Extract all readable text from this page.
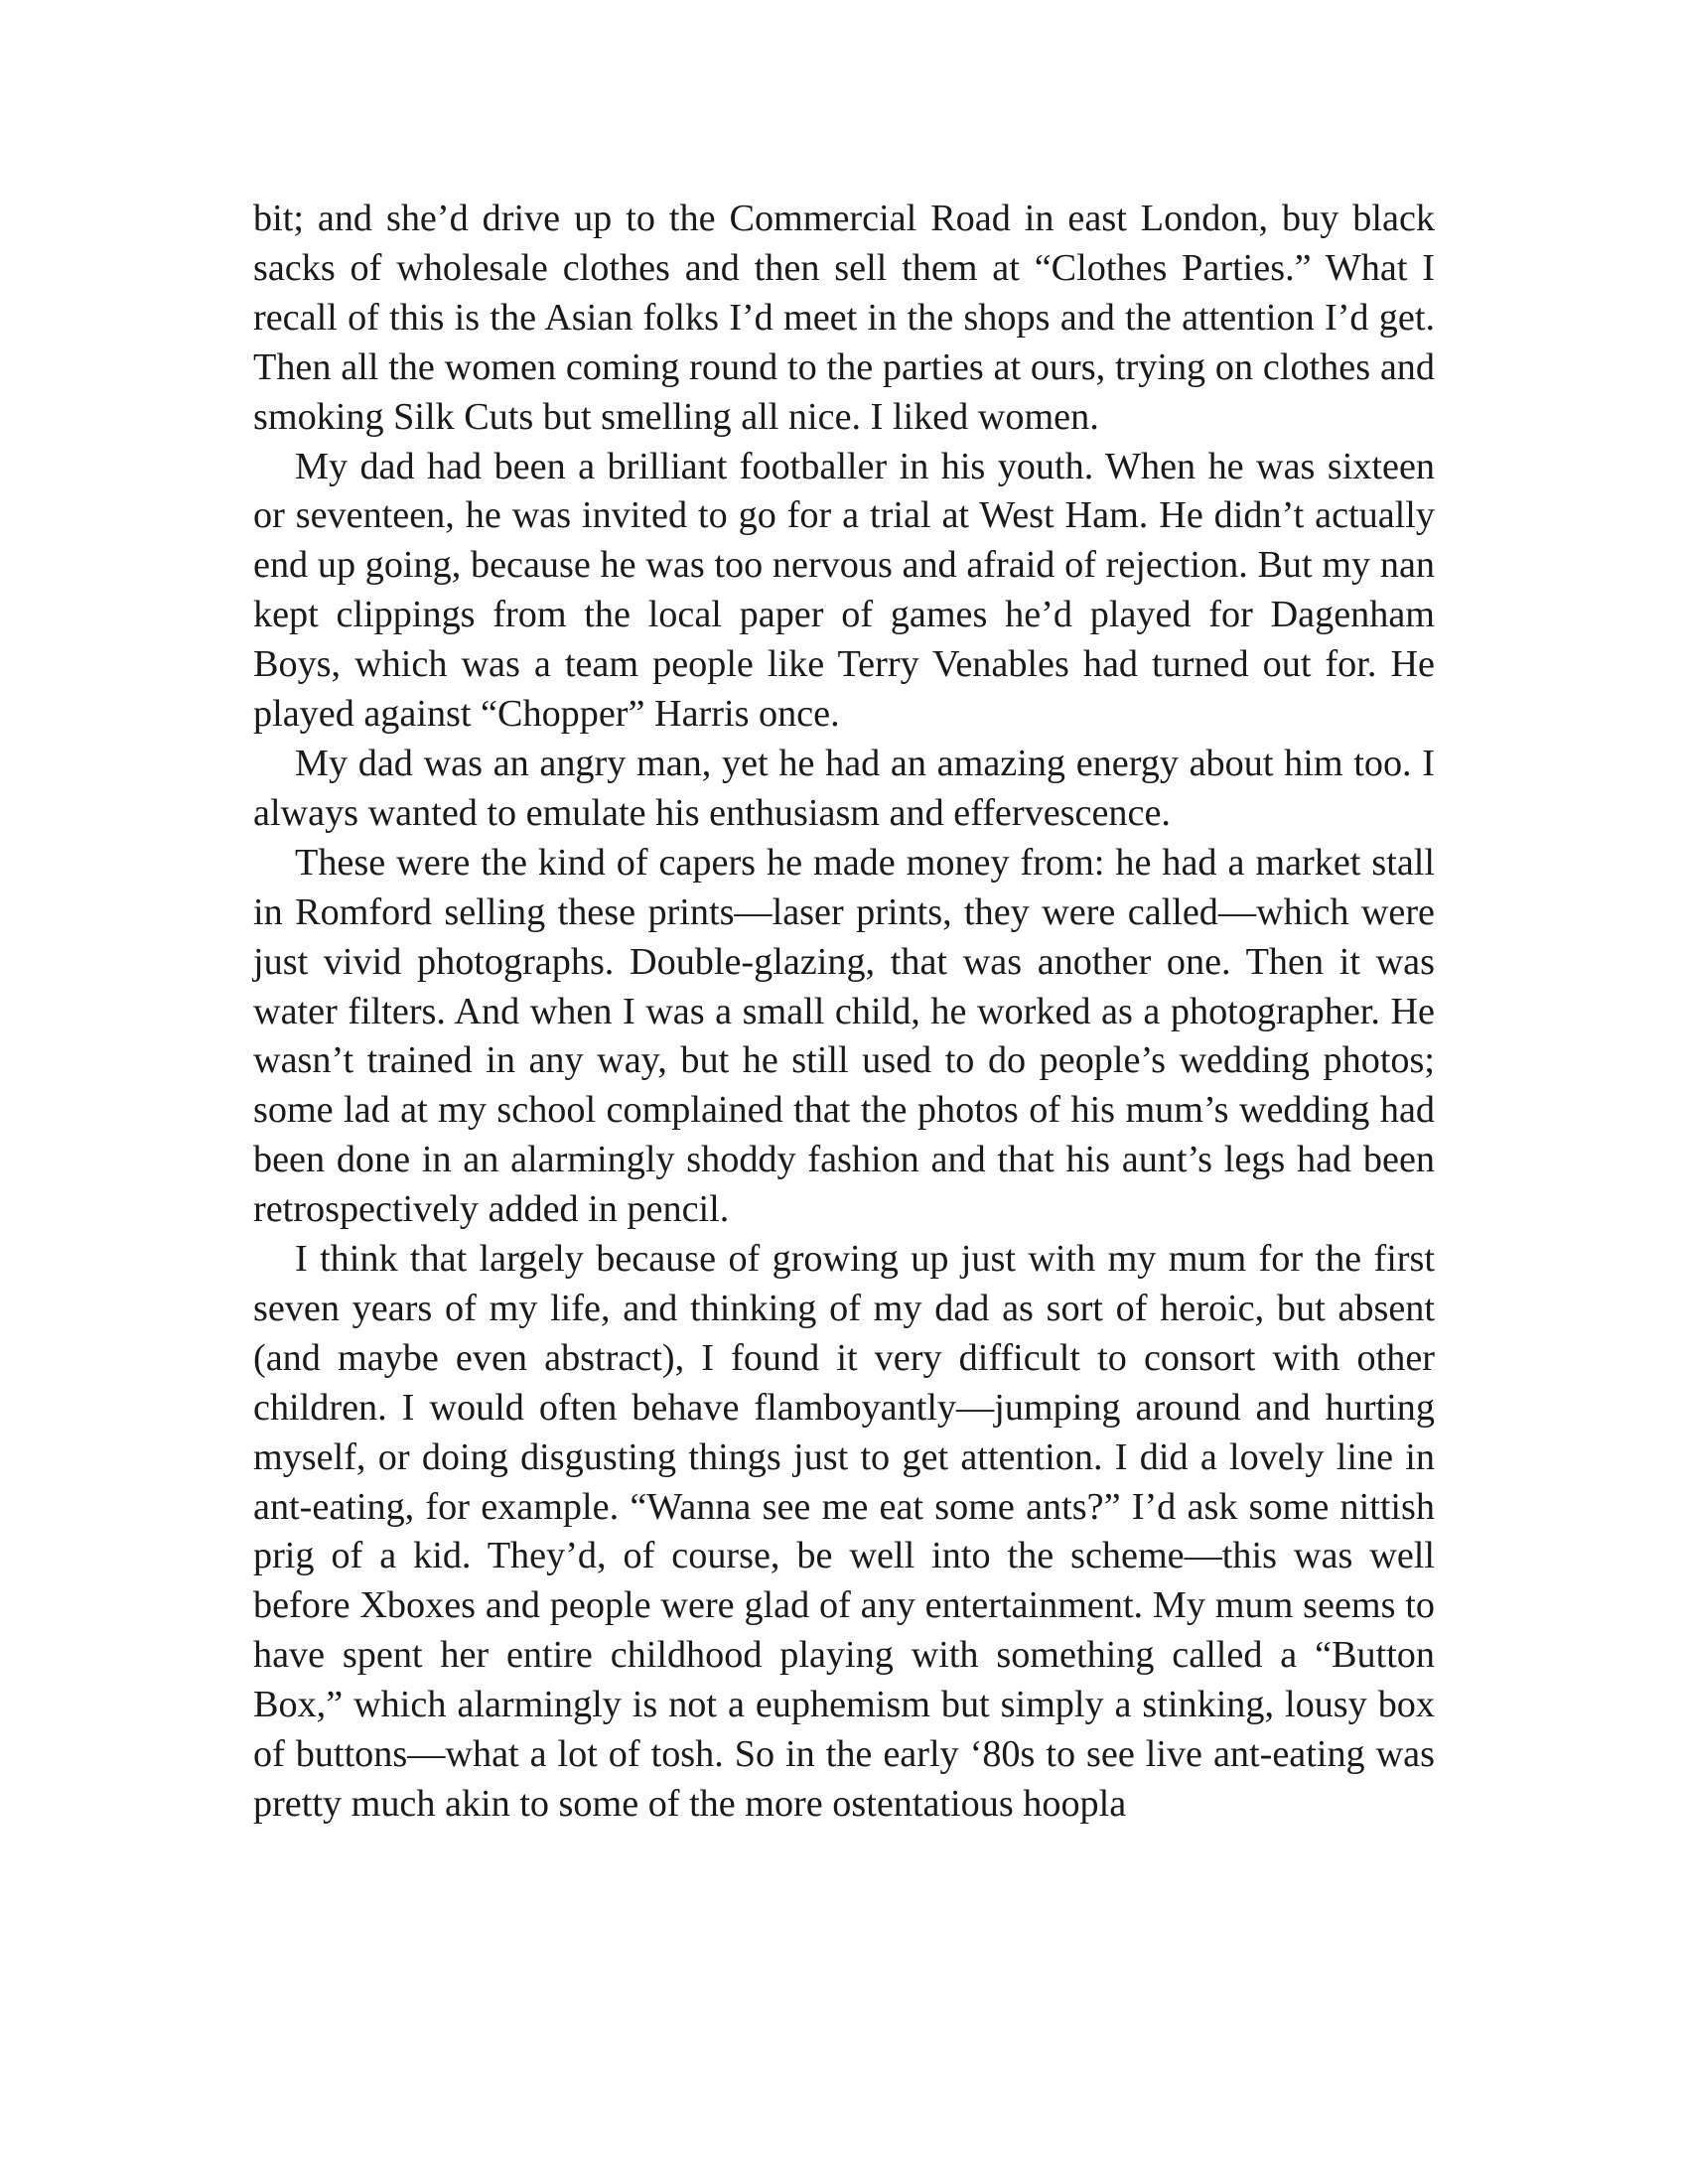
bit; and she’d drive up to the Commercial Road in east London, buy black sacks of wholesale clothes and then sell them at “Clothes Parties.” What I recall of this is the Asian folks I’d meet in the shops and the attention I’d get. Then all the women coming round to the parties at ours, trying on clothes and smoking Silk Cuts but smelling all nice. I liked women.

My dad had been a brilliant footballer in his youth. When he was sixteen or seventeen, he was invited to go for a trial at West Ham. He didn’t actually end up going, because he was too nervous and afraid of rejection. But my nan kept clippings from the local paper of games he’d played for Dagenham Boys, which was a team people like Terry Venables had turned out for. He played against “Chopper” Harris once.

My dad was an angry man, yet he had an amazing energy about him too. I always wanted to emulate his enthusiasm and effervescence.

These were the kind of capers he made money from: he had a market stall in Romford selling these prints—laser prints, they were called—which were just vivid photographs. Double-glazing, that was another one. Then it was water filters. And when I was a small child, he worked as a photographer. He wasn’t trained in any way, but he still used to do people’s wedding photos; some lad at my school complained that the photos of his mum’s wedding had been done in an alarmingly shoddy fashion and that his aunt’s legs had been retrospectively added in pencil.

I think that largely because of growing up just with my mum for the first seven years of my life, and thinking of my dad as sort of heroic, but absent (and maybe even abstract), I found it very difficult to consort with other children. I would often behave flamboyantly—jumping around and hurting myself, or doing disgusting things just to get attention. I did a lovely line in ant-eating, for example. “Wanna see me eat some ants?” I’d ask some nittish prig of a kid. They’d, of course, be well into the scheme—this was well before Xboxes and people were glad of any entertainment. My mum seems to have spent her entire childhood playing with something called a “Button Box,” which alarmingly is not a euphemism but simply a stinking, lousy box of buttons—what a lot of tosh. So in the early ‘80s to see live ant-eating was pretty much akin to some of the more ostentatious hoopla
